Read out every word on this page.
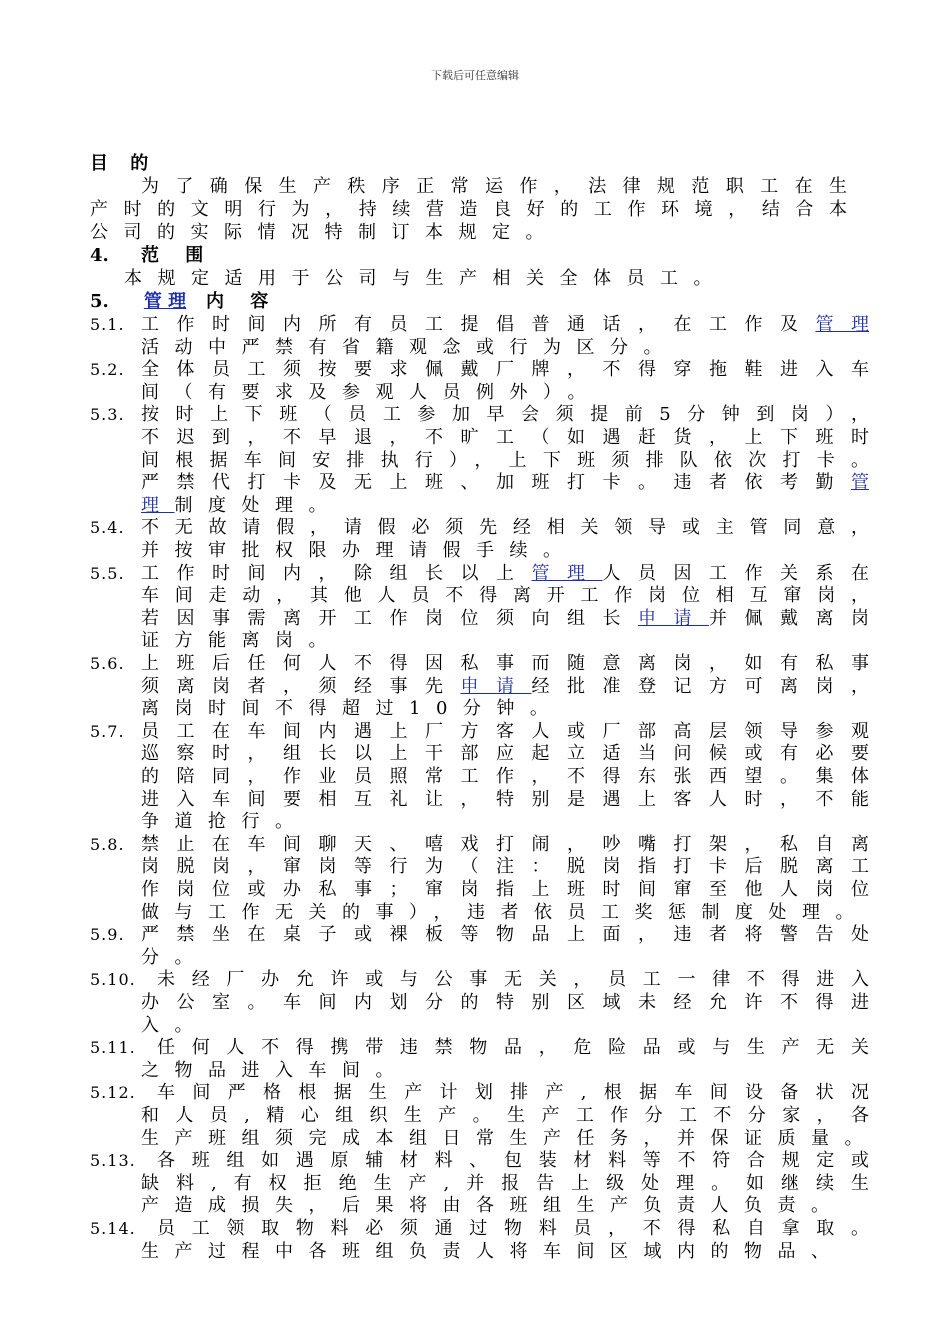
下载后可任意编辑
目 的
为了确保生产秩序正常运作，法律规范职工在生
产时的文明行为，持续营造良好的工作环境，结合本
公司的实际情况特制订本规定。
4. 范 围
本规定适用于公司与生产相关全体员工。
5.	管 理 内 容
工作时间内所有员工提倡普通话，在工作及管理
活动中严禁有省籍观念或行为区分。
全体员工须按要求佩戴厂牌，不得穿拖鞋进入车
间（有要求及参观人员例外）。
按时上下班（员工参加早会须提前5分钟到岗），
不迟到，不早退，不旷工（如遇赶货，上下班时
间根据车间安排执行），上下班须排队依次打卡。
严禁代打卡及无上班、加班打卡。违者依考勤管
理制度处理。
不无故请假，请假必须先经相关领导或主管同意，
并按审批权限办理请假手续。
工作时间内，除组长以上管理人员因工作关系在
车间走动，其他人员不得离开工作岗位相互窜岗，
若因事需离开工作岗位须向组长申请并佩戴离岗
证方能离岗。
上班后任何人不得因私事而随意离岗，如有私事
须离岗者，须经事先申请经批准登记方可离岗，
离岗时间不得超过10分钟。
员工在车间内遇上厂方客人或厂部高层领导参观
巡察时，组长以上干部应起立适当问候或有必要
的陪同，作业员照常工作，不得东张西望。集体
进入车间要相互礼让，特别是遇上客人时，不能
争道抢行。
禁止在车间聊天、嘻戏打闹，吵嘴打架，私自离
岗脱岗，窜岗等行为（注：脱岗指打卡后脱离工
作岗位或办私事；窜岗指上班时间窜至他人岗位
做与工作无关的事），违者依员工奖惩制度处理。
严禁坐在桌子或裸板等物品上面，违者将警告处
分。
未经厂办允许或与公事无关，员工一律不得进入
办公室。车间内划分的特别区域未经允许不得进
入。
任何人不得携带违禁物品，危险品或与生产无关
之物品进入车间。
车间严格根据生产计划排产,根据车间设备状况
和人员,精心组织生产。生产工作分工不分家，各
生产班组须完成本组日常生产任务，并保证质量。
各班组如遇原辅材料、包装材料等不符合规定或
缺料,有权拒绝生产,并报告上级处理。如继续生
产造成损失，后果将由各班组生产负责人负责。
员工领取物料必须通过物料员，不得私自拿取。
生产过程中各班组负责人将车间区域内的物品、
5.1.
5.2.
5.3.
5.4.
5.5.
5.6.
5.7.
5.8.
5.9.
5.10.
5.11.
5.12.
5.13.
5.14.
